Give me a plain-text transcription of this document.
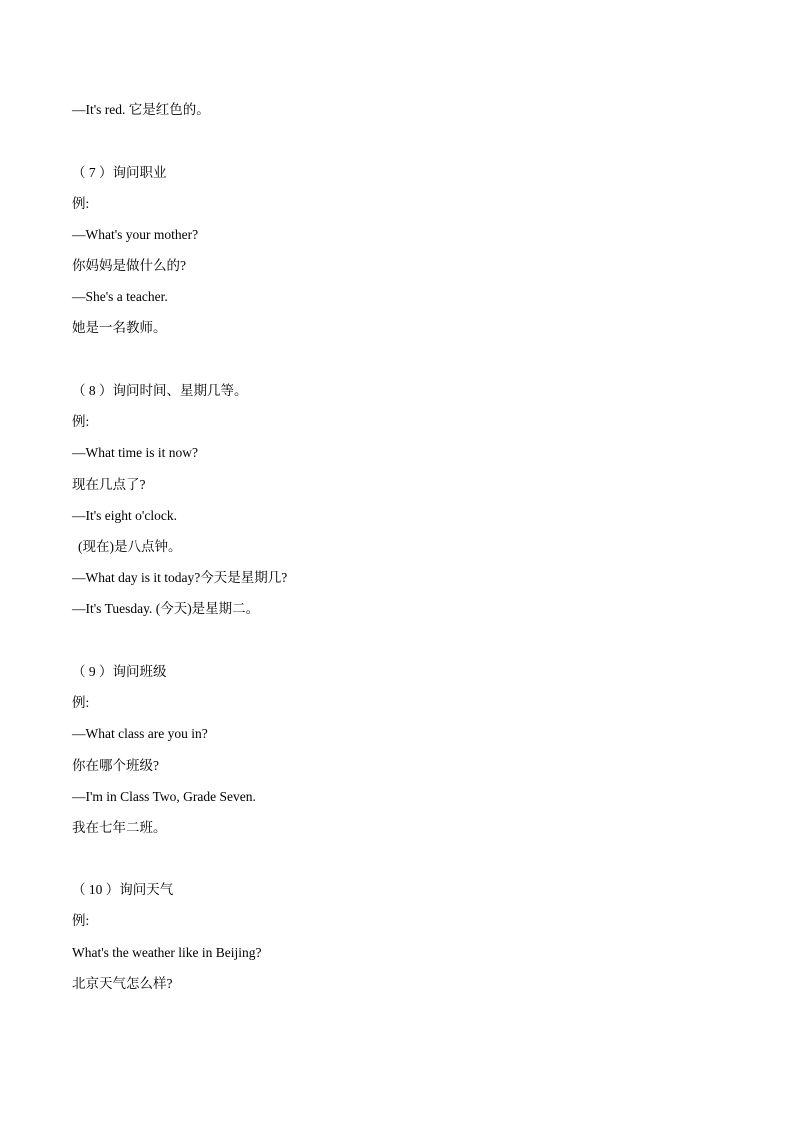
—It's red. 它是红色的。
（ 7 ）询问职业
例:
—What's your mother?
你妈妈是做什么的?
—She's a teacher.
她是一名教师。
（ 8 ）询问时间、星期几等。
例:
—What time is it now?
现在几点了?
—It's eight o'clock.
(现在)是八点钟。
—What day is it today?今天是星期几?
—It's Tuesday. (今天)是星期二。
（ 9 ）询问班级
例:
—What class are you in?
你在哪个班级?
—I'm in Class Two, Grade Seven.
我在七年二班。
（ 10 ）询问天气
例:
What's the weather like in Beijing?
北京天气怎么样?
